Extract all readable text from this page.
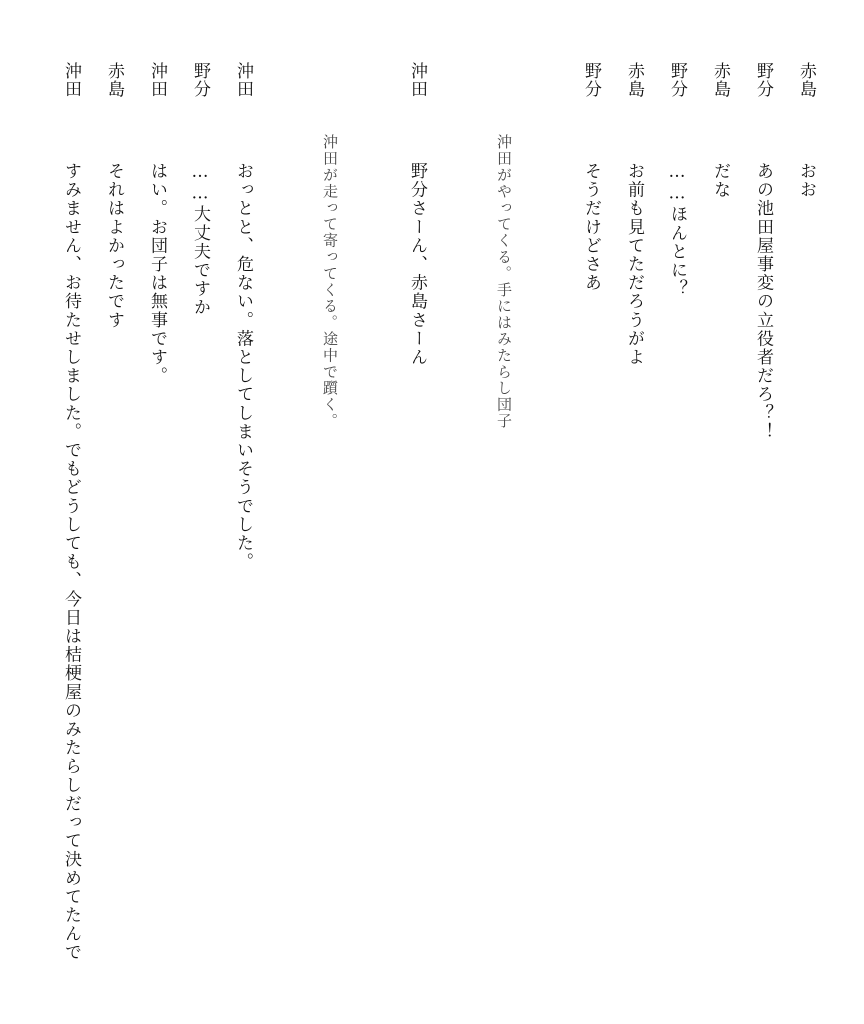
赤島
おお
野分
あの池田屋事変の立役者だろ？！
赤島
だな
野分
……ほんとに？
赤島
お前も見てただろうがよ
野分
そうだけどさあ
沖田がやってくる。手にはみたらし団子
沖田
野分さーん、赤島さーん
沖田が走って寄ってくる。途中で躓く。
沖田
おっとと、危ない。落としてしまいそうでした。
野分
……大丈夫ですか
沖田
はい。お団子は無事です。
赤島
それはよかったです
沖田
すみません、お待たせしました。でもどうしても、今日は桔梗屋のみたらしだって決めてたんで
